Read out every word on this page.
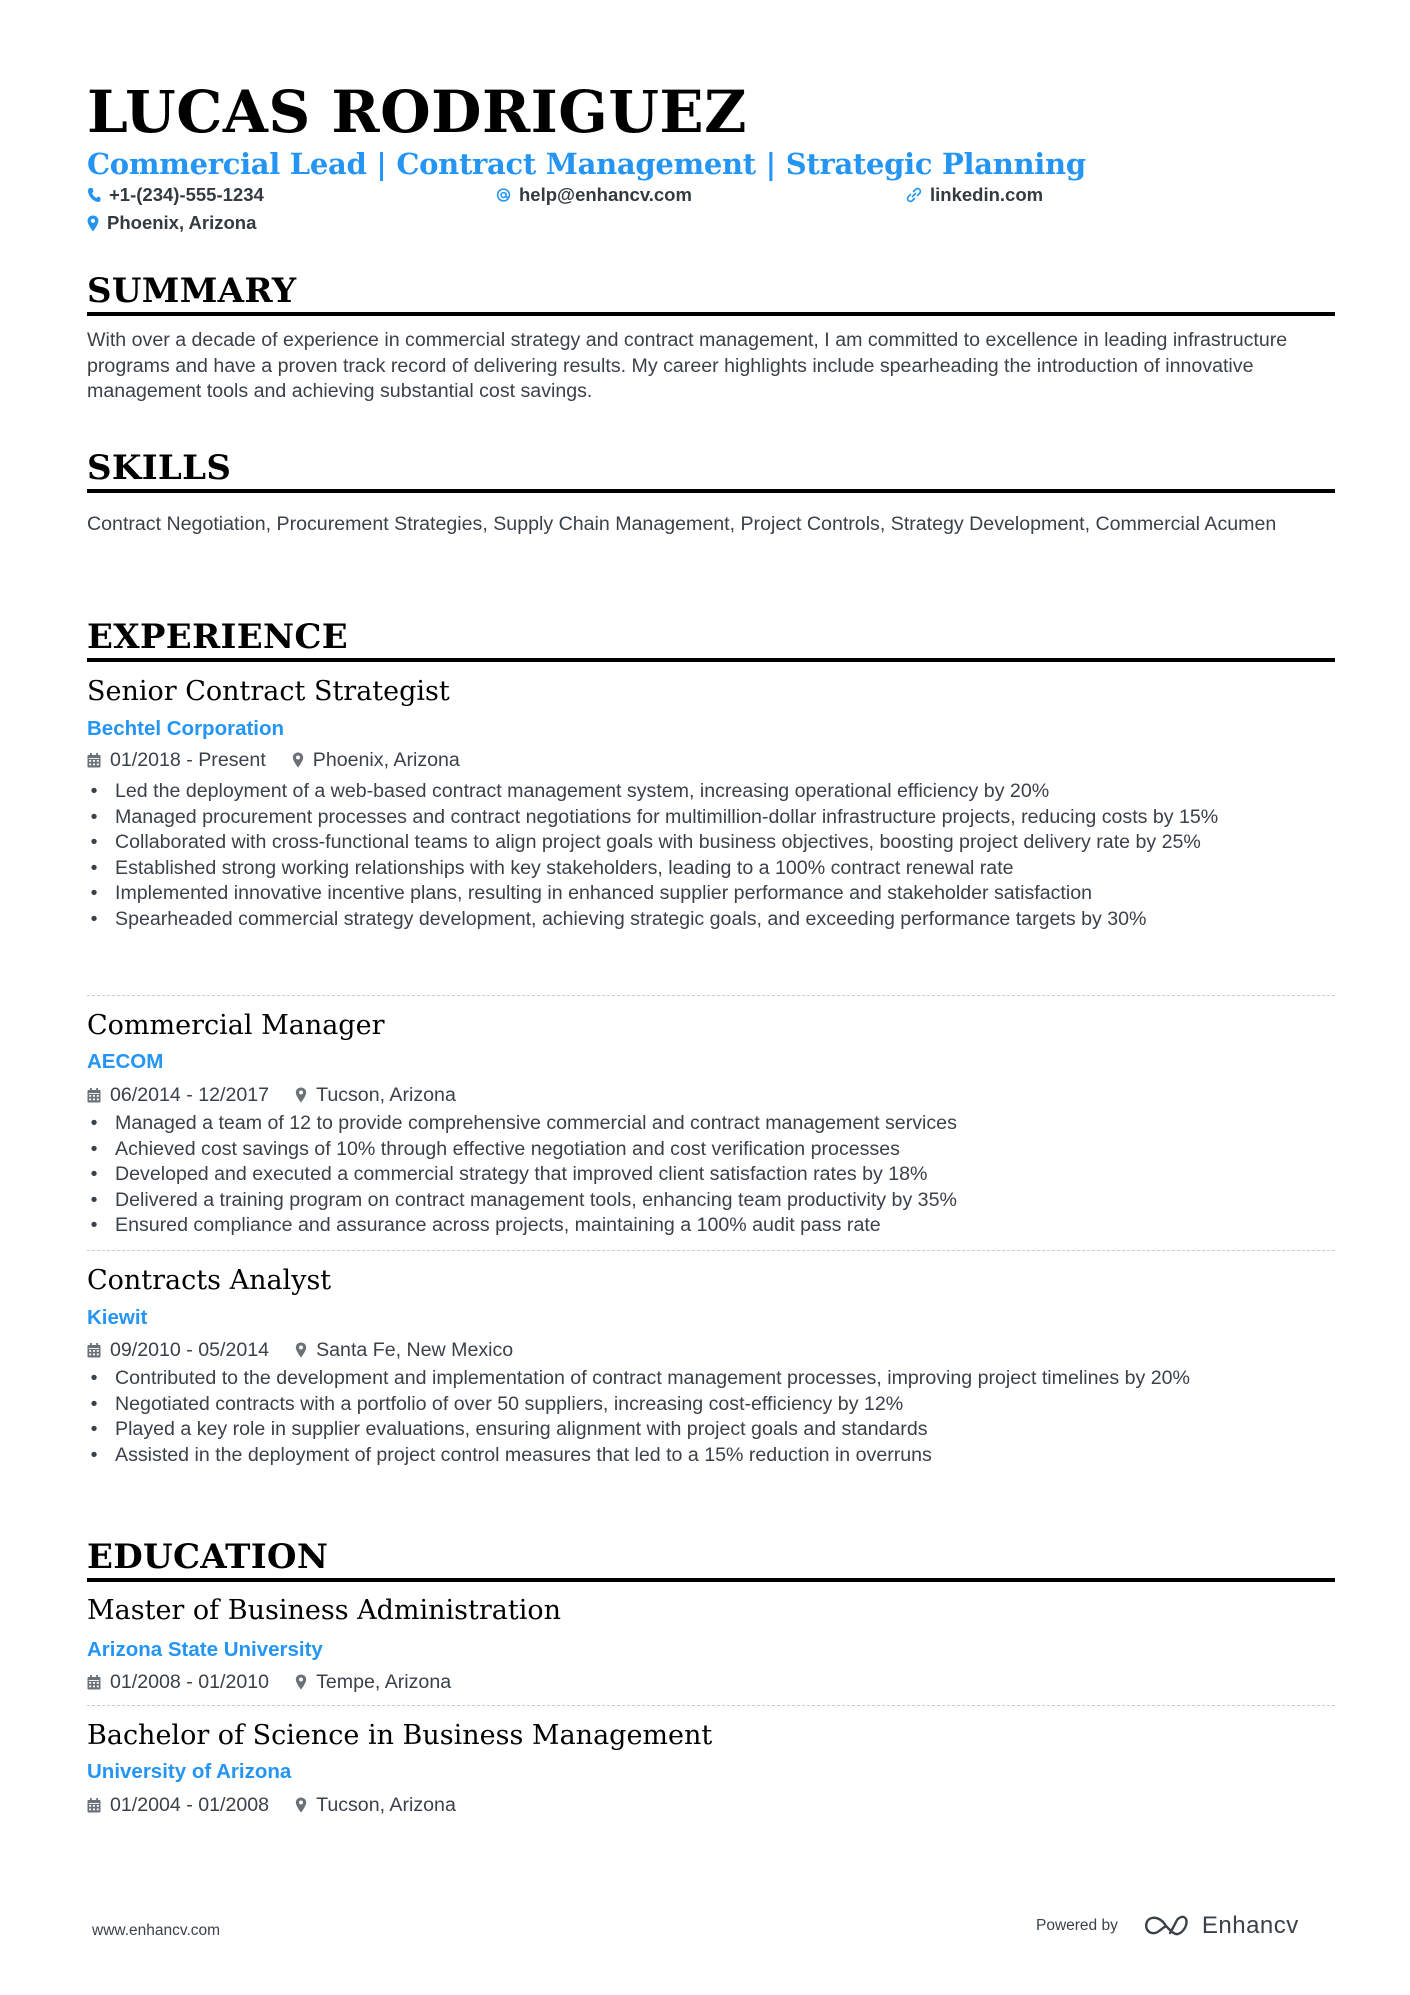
LUCAS RODRIGUEZ
Commercial Lead | Contract Management | Strategic Planning
+1-(234)-555-1234	help@enhancv.com	linkedin.com
Phoenix, Arizona
SUMMARY
With over a decade of experience in commercial strategy and contract management, I am committed to excellence in leading infrastructure programs and have a proven track record of delivering results. My career highlights include spearheading the introduction of innovative management tools and achieving substantial cost savings.
SKILLS
Contract Negotiation, Procurement Strategies, Supply Chain Management, Project Controls, Strategy Development, Commercial Acumen
EXPERIENCE
Senior Contract Strategist
Bechtel Corporation
01/2018 - Present Phoenix, Arizona
• Led the deployment of a web-based contract management system, increasing operational efficiency by 20%
• Managed procurement processes and contract negotiations for multimillion-dollar infrastructure projects, reducing costs by 15%
• Collaborated with cross-functional teams to align project goals with business objectives, boosting project delivery rate by 25%
• Established strong working relationships with key stakeholders, leading to a 100% contract renewal rate
• Implemented innovative incentive plans, resulting in enhanced supplier performance and stakeholder satisfaction
• Spearheaded commercial strategy development, achieving strategic goals, and exceeding performance targets by 30%
Commercial Manager
AECOM
06/2014 - 12/2017 Tucson, Arizona
• Managed a team of 12 to provide comprehensive commercial and contract management services
• Achieved cost savings of 10% through effective negotiation and cost verification processes
• Developed and executed a commercial strategy that improved client satisfaction rates by 18%
• Delivered a training program on contract management tools, enhancing team productivity by 35%
• Ensured compliance and assurance across projects, maintaining a 100% audit pass rate
Contracts Analyst
Kiewit
09/2010 - 05/2014 Santa Fe, New Mexico
• Contributed to the development and implementation of contract management processes, improving project timelines by 20%
• Negotiated contracts with a portfolio of over 50 suppliers, increasing cost-efficiency by 12%
• Played a key role in supplier evaluations, ensuring alignment with project goals and standards
• Assisted in the deployment of project control measures that led to a 15% reduction in overruns
EDUCATION
Master of Business Administration
Arizona State University
01/2008 - 01/2010 Tempe, Arizona
Bachelor of Science in Business Management
University of Arizona
01/2004 - 01/2008 Tucson, Arizona
www.enhancv.com	Powered by	Enhancv
